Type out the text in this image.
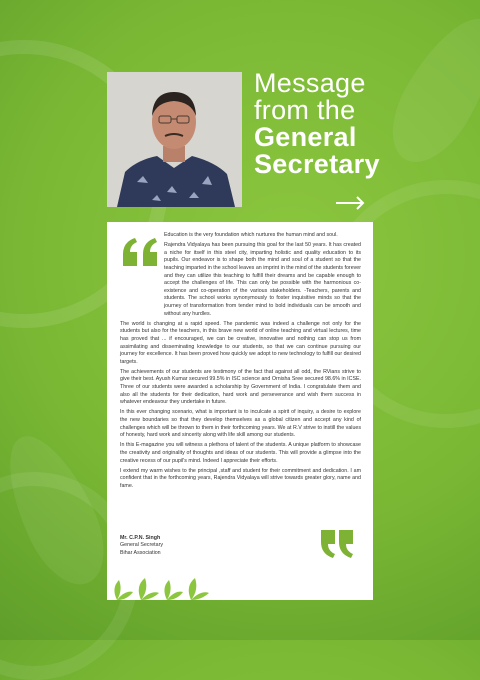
Message
from the
General
Secretary

Education is the very foundation which nurtures the human mind and soul.

Rajendra Vidyalaya has been pursuing this goal for the last 50 years. It has created a niche for itself in this steel city, imparting holistic and quality education to its pupils. Our endeavor is to shape both the mind and soul of a student so that the teaching imparted in the school leaves an imprint in the mind of the students forever and they can utilize this teaching to fulfill their dreams and be capable enough to accept the challenges of life. This can only be possible with the harmonious co-existence and co-operation of the various stakeholders. -Teachers, parents and students. The school works synonymously to foster inquisitive minds so that the journey of transformation from tender mind to bold individuals can be smooth and without any hurdles.

The world is changing at a rapid speed. The pandemic was indeed a challenge not only for the students but also for the teachers, in this brave new world of online teaching and virtual lectures, time has proved that ... if encouraged, we can be creative, innovative and nothing can stop us from assimilating and disseminating knowledge to our students, so that we can continue pursuing our journey for excellence. It has been proved how quickly we adopt to new technology to fulfill our desired targets.

The achievements of our students are testimony of the fact that against all odd, the RVians strive to give their best. Ayush Kumar secured 99.5% in ISC science and Ornisha Sree secured 98.6% in ICSE. Three of our students were awarded a scholarship by Government of India. I congratulate them and also all the students for their dedication, hard work and perseverance and wish them success in whatever endeavour they undertake in future.

In this ever changing scenario, what is important is to inculcate a spirit of inquiry, a desire to explore the new boundaries so that they develop themselves as a global citizen and accept any kind of challenges which will be thrown to them in their forthcoming years. We at R.V strive to instill the values of honesty, hard work and sincerity along with life skill among our students.

In this E-magazine you will witness a plethora of talent of the students. A unique platform to showcase the creativity and originality of thoughts and ideas of our students. This will provide a glimpse into the creative recess of our pupil's mind. Indeed I appreciate their efforts.

I extend my warm wishes to the principal ,staff and student for their commitment and dedication. I am confident that in the forthcoming years, Rajendra Vidyalaya will strive towards greater glory, name and fame.

Mr. C.P.N. Singh
General Secretary
Bihar Association
